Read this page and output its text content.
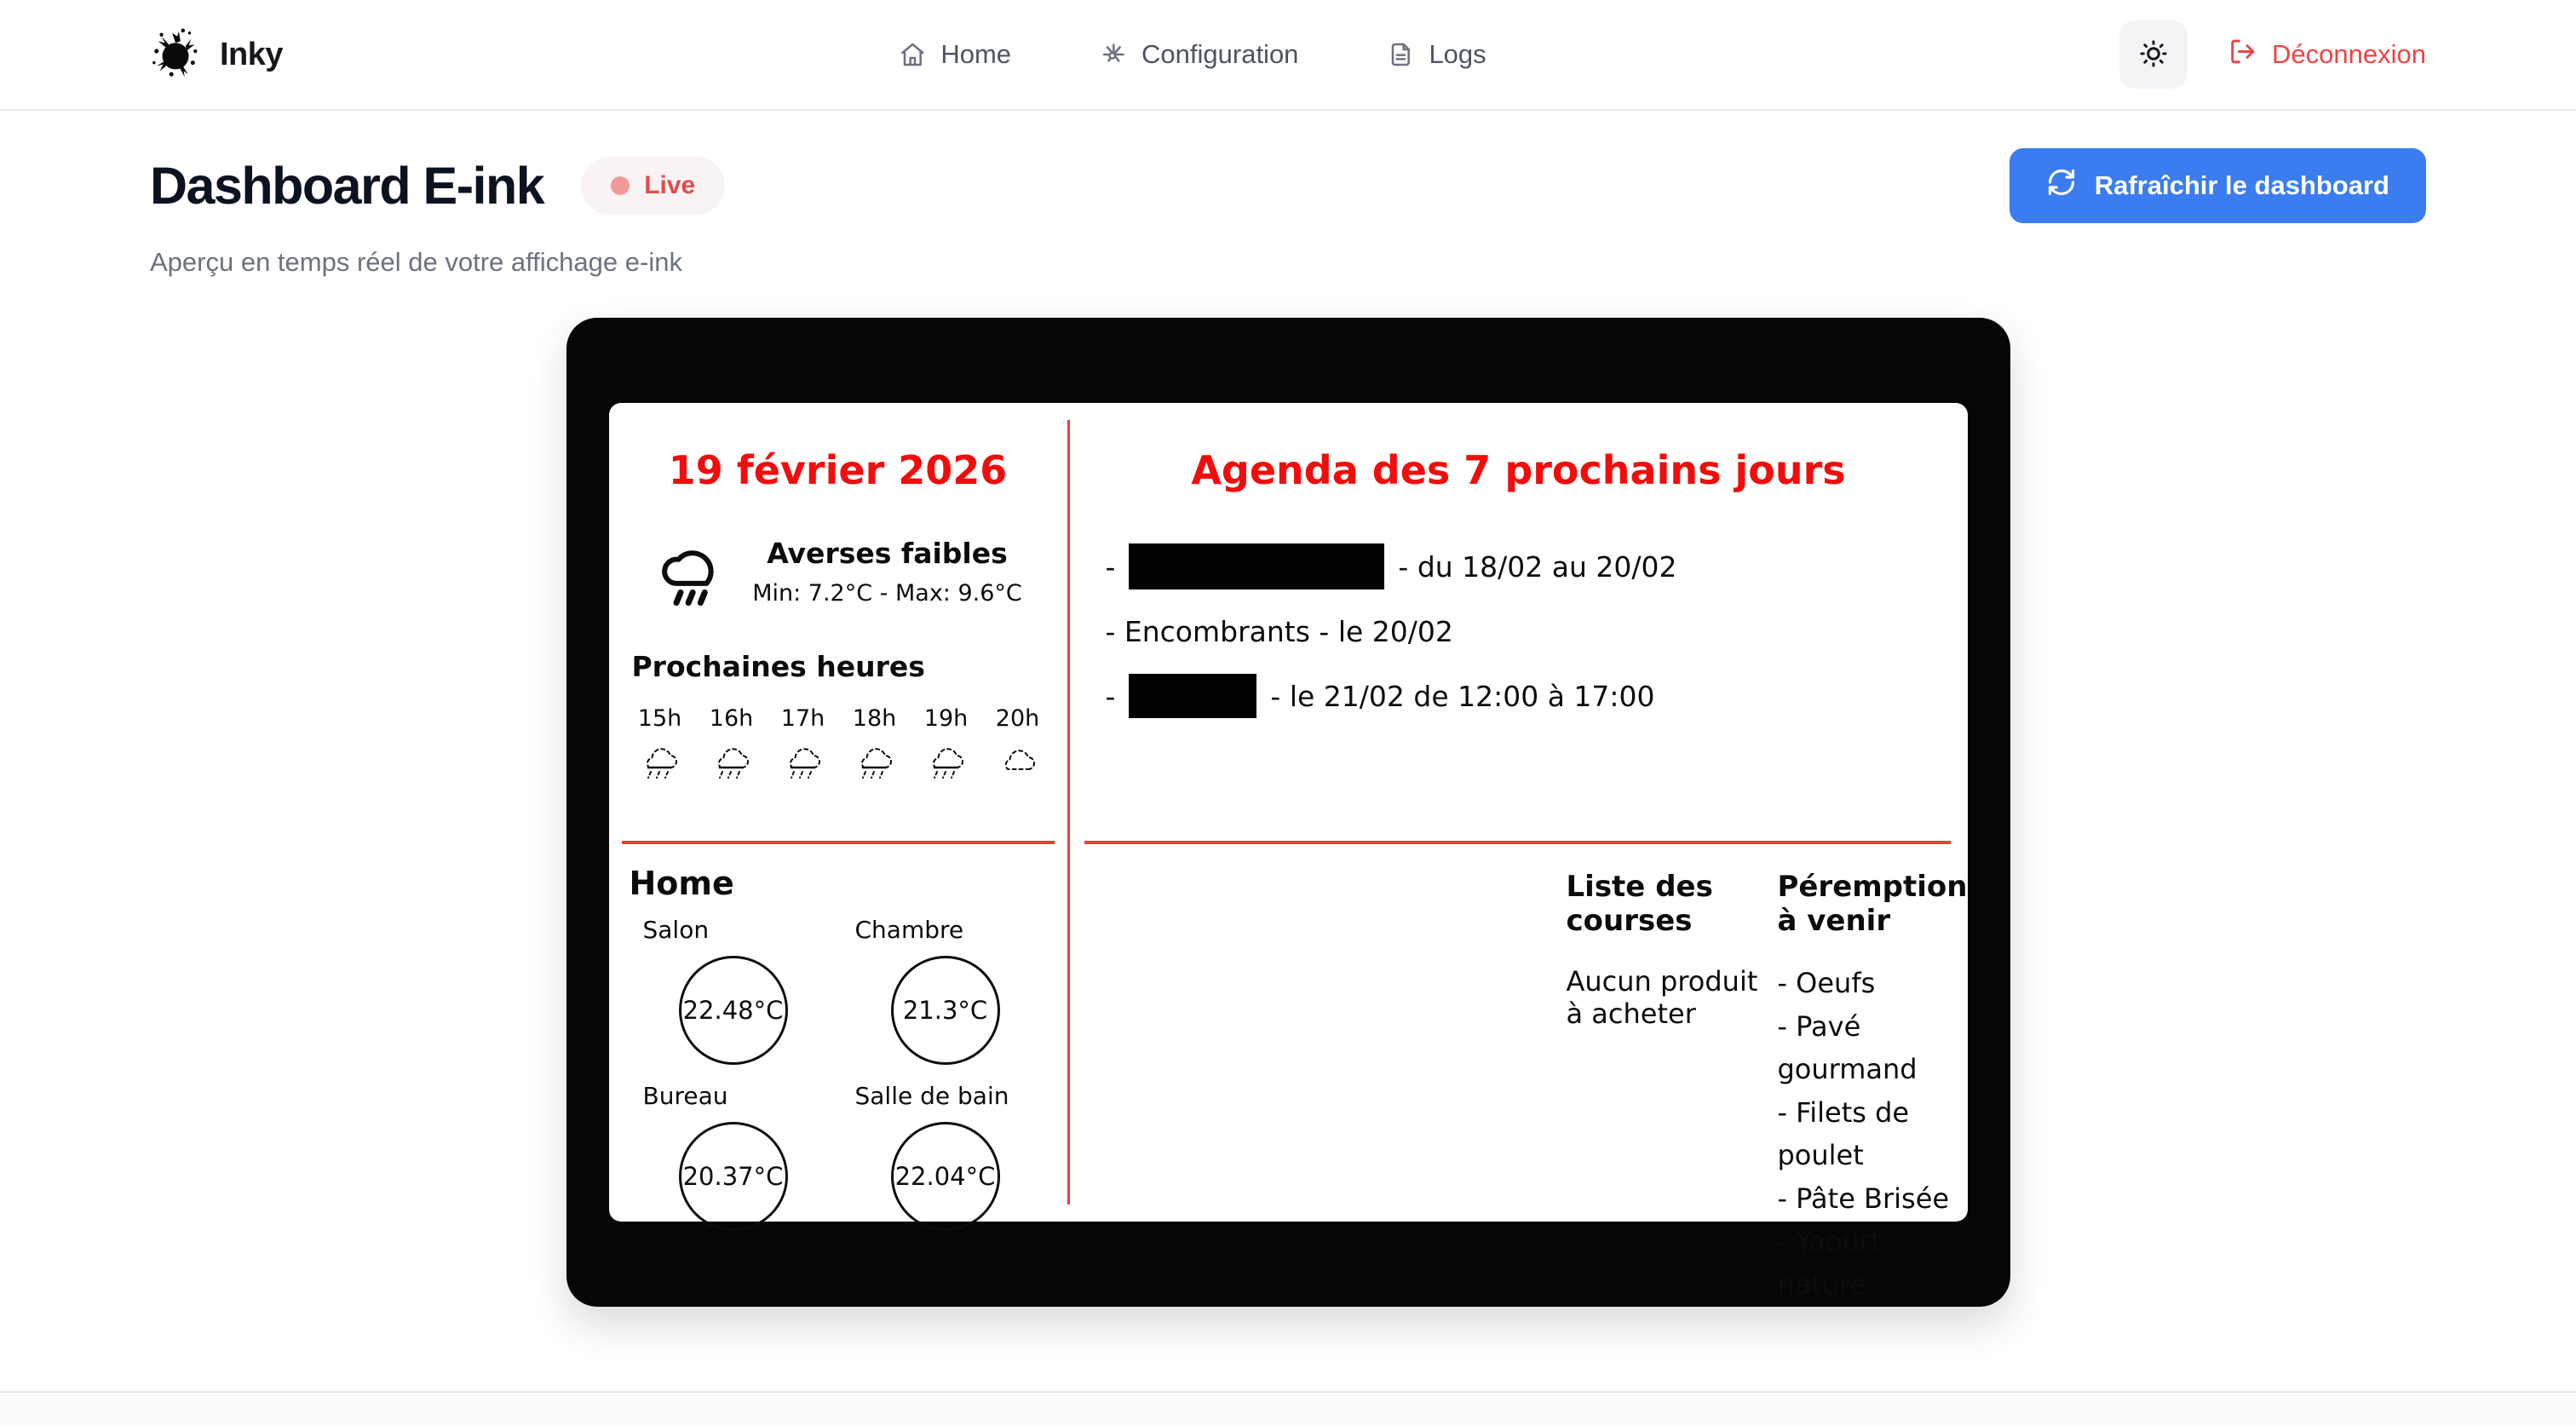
Inky	Home	Configuration	Logs	Déconnexion
Dashboard E-ink	Live	Rafraîchir le dashboard

Aperçu en temps réel de votre affichage e-ink

19 février 2026
Averses faibles
Min: 7.2°C - Max: 9.6°C
Prochaines heures
15h	16h	17h	18h	19h	20h
Home
Salon
22.48°C
Chambre
21.3°C
Bureau
20.37°C
Salle de bain
22.04°C
Agenda des 7 prochains jours
-	- du 18/02 au 20/02
- Encombrants - le 20/02
-	- le 21/02 de 12:00 à 17:00
Liste des courses
Aucun produit à acheter
Péremption à venir
- Oeufs
- Pavé gourmand
- Filets de poulet
- Pâte Brisée
- Yaourt nature
